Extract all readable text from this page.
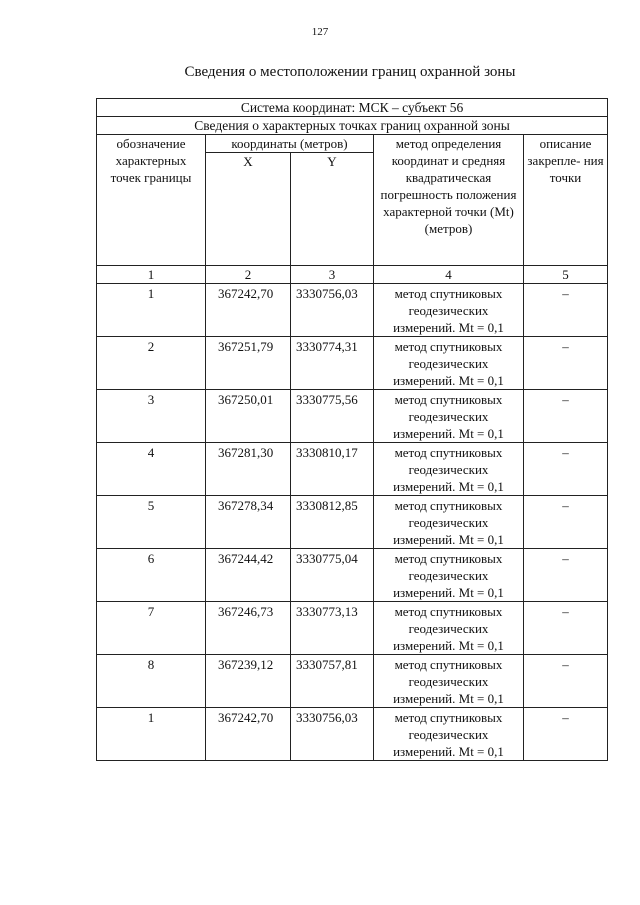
127
Сведения о местоположении границ охранной зоны
Система координат: МСК – субъект 56				
Сведения о характерных точках границ охранной зоны				
обозначение характерных точек границы	координаты (метров)		метод определения координат и средняя квадратическая погрешность положения характерной точки (Mt) (метров)	описание закрепле- ния точки
	X	Y		
1	2	3	4	5
1	367242,70	3330756,03	метод спутниковых геодезических измерений. Mt = 0,1	–
2	367251,79	3330774,31	метод спутниковых геодезических измерений. Mt = 0,1	–
3	367250,01	3330775,56	метод спутниковых геодезических измерений. Mt = 0,1	–
4	367281,30	3330810,17	метод спутниковых геодезических измерений. Mt = 0,1	–
5	367278,34	3330812,85	метод спутниковых геодезических измерений. Mt = 0,1	–
6	367244,42	3330775,04	метод спутниковых геодезических измерений. Mt = 0,1	–
7	367246,73	3330773,13	метод спутниковых геодезических измерений. Mt = 0,1	–
8	367239,12	3330757,81	метод спутниковых геодезических измерений. Mt = 0,1	–
1	367242,70	3330756,03	метод спутниковых геодезических измерений. Mt = 0,1	–
